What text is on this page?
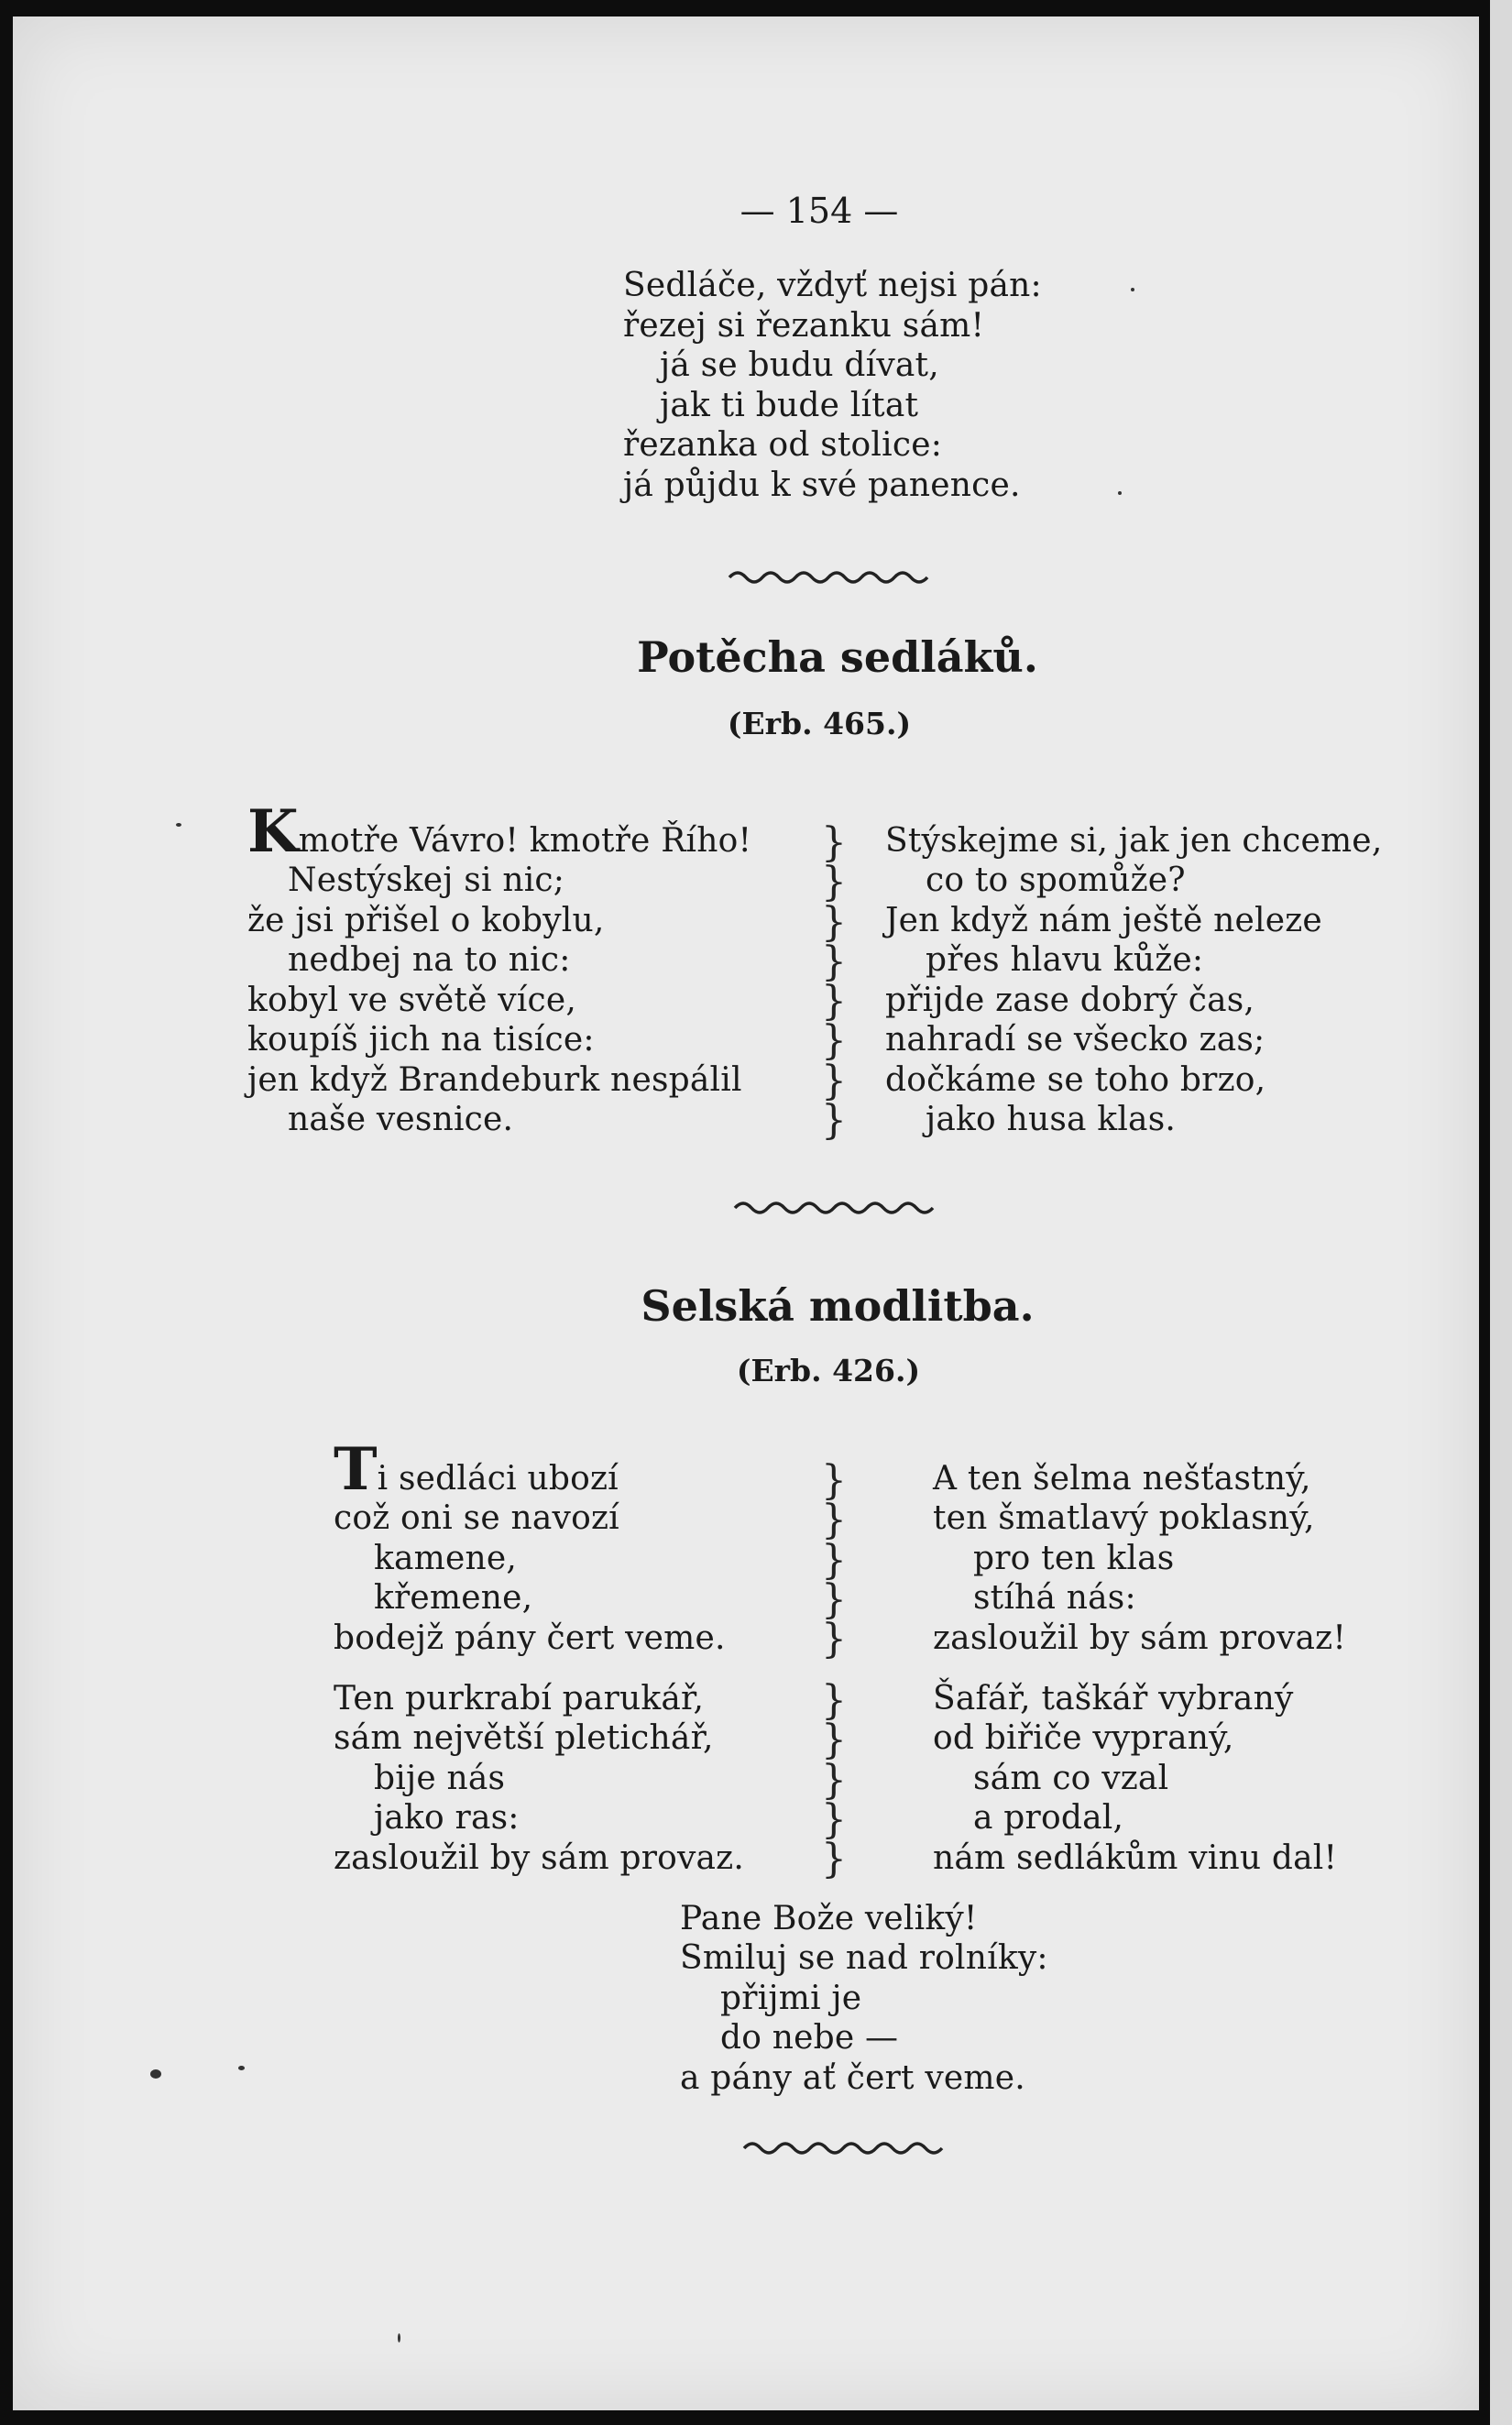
— 154 —
Sedláče, vždyť nejsi pán:
řezej si řezanku sám!
já se budu dívat,
jak ti bude lítat
řezanka od stolice:
já půjdu k své panence.
Potěcha sedláků.
(Erb. 465.)
Kmotře Vávro! kmotře Řího!
Nestýskej si nic;
že jsi přišel o kobylu,
nedbej na to nic:
kobyl ve světě více,
koupíš jich na tisíce:
jen když Brandeburk nespálil
naše vesnice.
}
}
}
}
}
}
}
}
Stýskejme si, jak jen chceme,
co to spomůže?
Jen když nám ještě neleze
přes hlavu kůže:
přijde zase dobrý čas,
nahradí se všecko zas;
dočkáme se toho brzo,
jako husa klas.
Selská modlitba.
(Erb. 426.)
Ti sedláci ubozí
což oni se navozí
kamene,
křemene,
bodejž pány čert veme.
Ten purkrabí parukář,
sám největší pletichář,
bije nás
jako ras:
zasloužil by sám provaz.
}
}
}
}
}
}
}
}
}
}
A ten šelma nešťastný,
ten šmatlavý poklasný,
pro ten klas
stíhá nás:
zasloužil by sám provaz!
Šafář, taškář vybraný
od biřiče vypraný,
sám co vzal
a prodal,
nám sedlákům vinu dal!
Pane Bože veliký!
Smiluj se nad rolníky:
přijmi je
do nebe —
a pány ať čert veme.
